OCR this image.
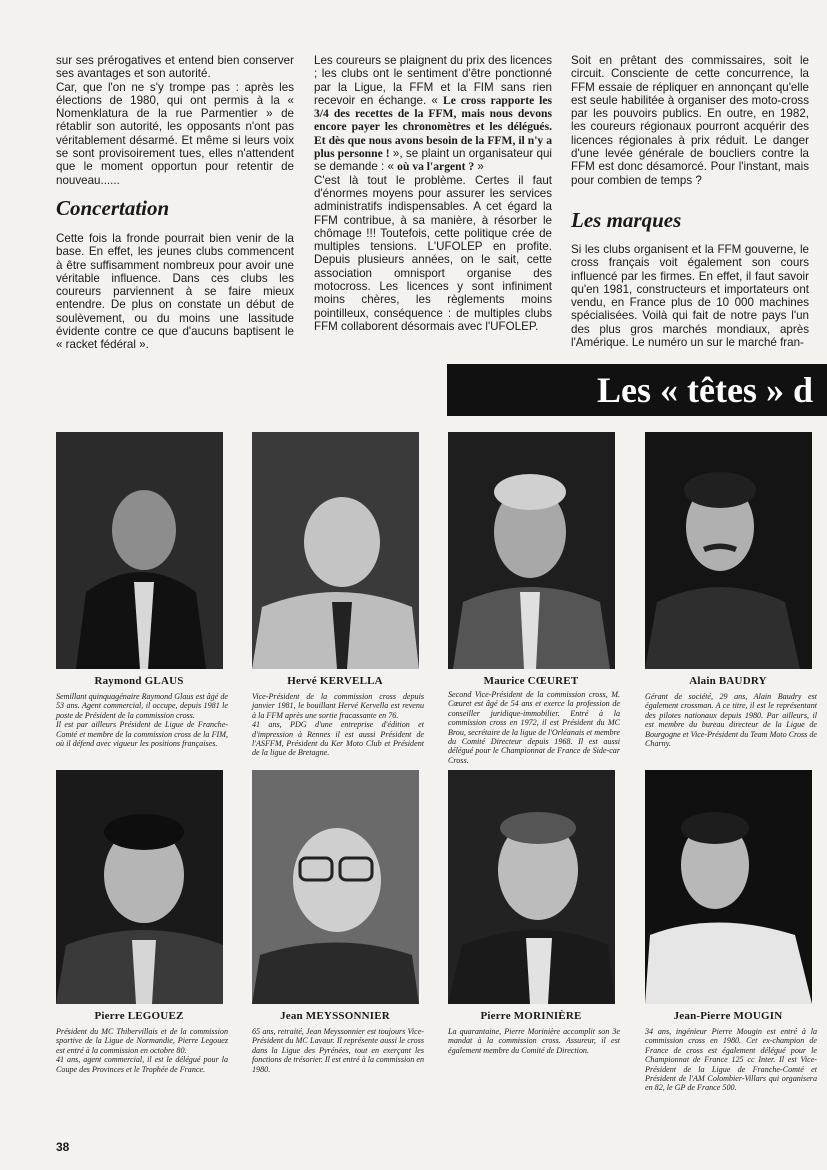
sur ses prérogatives et entend bien conserver ses avantages et son autorité.

Car, que l'on ne s'y trompe pas : après les élections de 1980, qui ont permis à la « Nomenklatura de la rue Parmentier » de rétablir son autorité, les opposants n'ont pas véritablement désarmé. Et même si leurs voix se sont provisoirement tues, elles n'attendent que le moment opportun pour retentir de nouveau......

Concertation

Cette fois la fronde pourrait bien venir de la base. En effet, les jeunes clubs commencent à être suffisamment nombreux pour avoir une véritable influence. Dans ces clubs les coureurs parviennent à se faire mieux entendre. De plus on constate un début de soulèvement, ou du moins une lassitude évidente contre ce que d'aucuns baptisent le « racket fédéral ».

Les coureurs se plaignent du prix des licences ; les clubs ont le sentiment d'être ponctionné par la Ligue, la FFM et la FIM sans rien recevoir en échange. « Le cross rapporte les 3/4 des recettes de la FFM, mais nous devons encore payer les chronomètres et les délégués. Et dès que nous avons besoin de la FFM, il n'y a plus personne ! », se plaint un organisateur qui se demande : « où va l'argent ? »

C'est là tout le problème. Certes il faut d'énormes moyens pour assurer les services administratifs indispensables. A cet égard la FFM contribue, à sa manière, à résorber le chômage !!! Toutefois, cette politique crée de multiples tensions. L'UFOLEP en profite. Depuis plusieurs années, on le sait, cette association omnisport organise des motocross. Les licences y sont infiniment moins chères, les règlements moins pointilleux, conséquence : de multiples clubs FFM collaborent désormais avec l'UFOLEP.

Soit en prêtant des commissaires, soit le circuit. Consciente de cette concurrence, la FFM essaie de répliquer en annonçant qu'elle est seule habilitée à organiser des moto-cross par les pouvoirs publics. En outre, en 1982, les coureurs régionaux pourront acquérir des licences régionales à prix réduit. Le danger d'une levée générale de boucliers contre la FFM est donc désamorcé. Pour l'instant, mais pour combien de temps ?

Les marques

Si les clubs organisent et la FFM gouverne, le cross français voit également son cours influencé par les firmes. En effet, il faut savoir qu'en 1981, constructeurs et importateurs ont vendu, en France plus de 10 000 machines spécialisées. Voilà qui fait de notre pays l'un des plus gros marchés mondiaux, après l'Amérique. Le numéro un sur le marché fran-

Les « têtes » d
Raymond GLAUS	Hervé KERVELLA	Maurice CŒURET	Alain BAUDRY

Semillant quinquagénaire Raymond Glaus est âgé de 53 ans. Agent commercial, il occupe, depuis 1981 le poste de Président de la commission cross.

Il est par ailleurs Président de Ligue de Franche-Comté et membre de la commission cross de la FIM, où il défend avec vigueur les positions françaises.

Vice-Président de la commission cross depuis janvier 1981, le bouillant Hervé Kervella est revenu à la FFM après une sortie fracassante en 76.

41 ans, PDG d'une entreprise d'édition et d'impression à Rennes il est aussi Président de l'ASFFM, Président du Ker Moto Club et Président de la ligue de Bretagne.

Second Vice-Président de la commission cross, M. Cœuret est âgé de 54 ans et exerce la profession de conseiller juridique-immobilier. Entré à la commission cross en 1972, il est Président du MC Brou, secrétaire de la ligue de l'Orléanais et membre du Comité Directeur depuis 1968. Il est aussi délégué pour le Championnat de France de Side-car Cross.

Gérant de société, 29 ans, Alain Baudry est également crossman. A ce titre, il est le représentant des pilotes nationaux depuis 1980. Par ailleurs, il est membre du bureau directeur de la Ligue de Bourgogne et Vice-Président du Team Moto Cross de Charny.

Pierre LEGOUEZ	Jean MEYSSONNIER	Pierre MORINIÈRE	Jean-Pierre MOUGIN

Président du MC Thibervillais et de la commission sportive de la Ligue de Normandie, Pierre Legouez est entré à la commission en octobre 80.

41 ans, agent commercial, il est le délégué pour la Coupe des Provinces et le Trophée de France.

65 ans, retraité, Jean Meyssonnier est toujours Vice-Président du MC Lavaur. Il représente aussi le cross dans la Ligue des Pyrénées, tout en exerçant les fonctions de trésorier. Il est entré à la commission en 1980.

La quarantaine, Pierre Morinière accomplit son 3e mandat à la commission cross. Assureur, il est également membre du Comité de Direction.

34 ans, ingénieur Pierre Mougin est entré à la commission cross en 1980. Cet ex-champion de France de cross est également délégué pour le Championnat de France 125 cc Inter. Il est Vice-Président de la Ligue de Franche-Comté et Président de l'AM Colombier-Villars qui organisera en 82, le GP de France 500.

38
